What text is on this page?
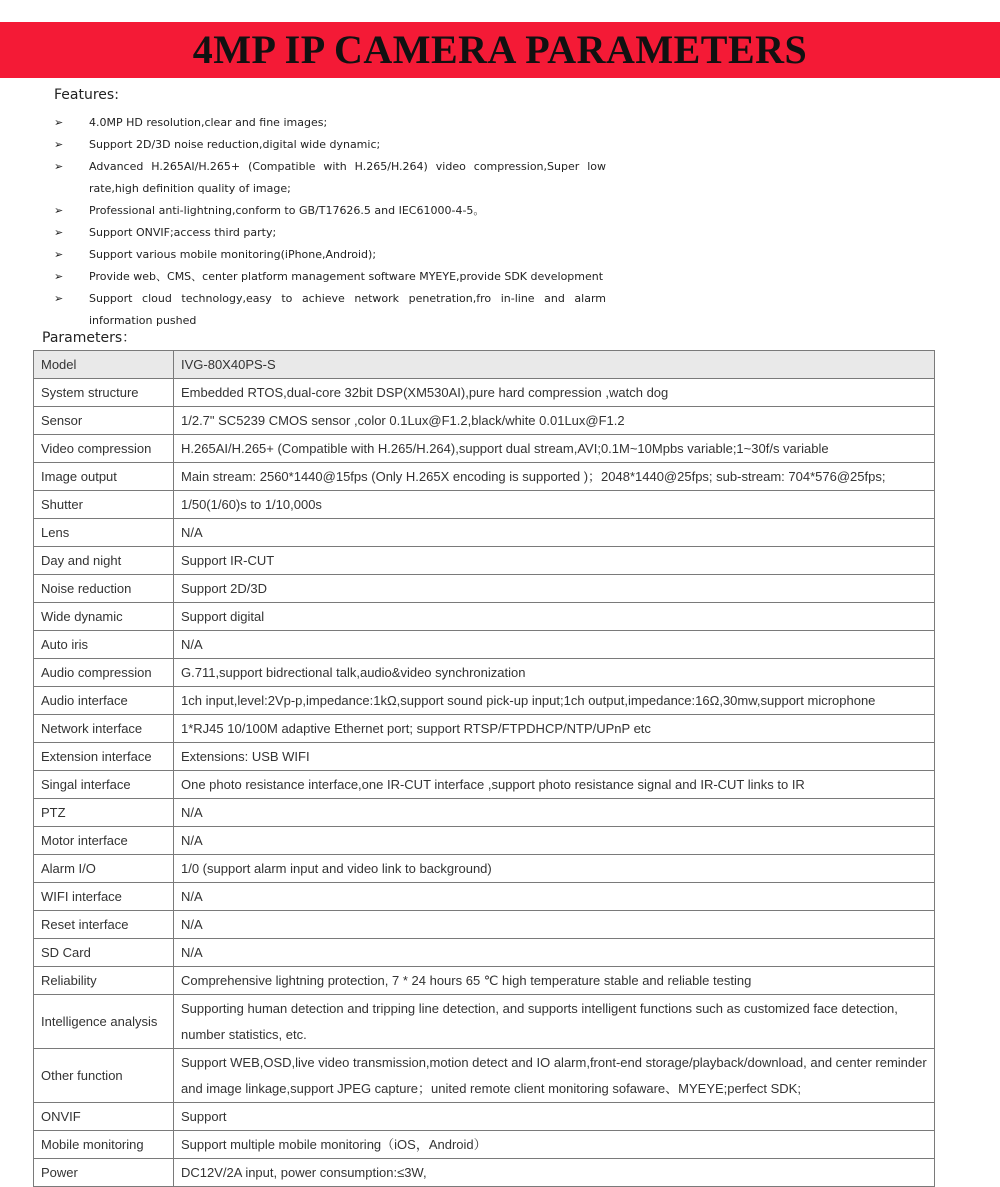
4MP IP CAMERA PARAMETERS
Features:
➢ 4.0MP HD resolution,clear and fine images;
➢ Support 2D/3D noise reduction,digital wide dynamic;
➢ Advanced H.265AI/H.265+ (Compatible with H.265/H.264) video compression,Super low rate,high definition quality of image;
➢ Professional anti-lightning,conform to GB/T17626.5 and IEC61000-4-5。
➢ Support ONVIF;access third party;
➢ Support various mobile monitoring(iPhone,Android);
➢ Provide web、CMS、center platform management software MYEYE,provide SDK development
➢ Support cloud technology,easy to achieve network penetration,fro in-line and alarm information pushed
Parameters：
Model	IVG-80X40PS-S
System structure	Embedded RTOS,dual-core 32bit DSP(XM530AI),pure hard compression ,watch dog
Sensor	1/2.7" SC5239 CMOS sensor ,color 0.1Lux@F1.2,black/white 0.01Lux@F1.2
Video compression	H.265AI/H.265+ (Compatible with H.265/H.264),support dual stream,AVI;0.1M~10Mpbs variable;1~30f/s variable
Image output	Main stream: 2560*1440@15fps (Only H.265X encoding is supported )；2048*1440@25fps; sub-stream: 704*576@25fps;
Shutter	1/50(1/60)s to 1/10,000s
Lens	N/A
Day and night	Support IR-CUT
Noise reduction	Support 2D/3D
Wide dynamic	Support digital
Auto iris	N/A
Audio compression	G.711,support bidrectional talk,audio&video synchronization
Audio interface	1ch input,level:2Vp-p,impedance:1kΩ,support sound pick-up input;1ch output,impedance:16Ω,30mw,support microphone
Network interface	1*RJ45 10/100M adaptive Ethernet port; support RTSP/FTPDHCP/NTP/UPnP etc
Extension interface	Extensions: USB WIFI
Singal interface	One photo resistance interface,one IR-CUT interface ,support photo resistance signal and IR-CUT links to IR
PTZ	N/A
Motor interface	N/A
Alarm I/O	1/0 (support alarm input and video link to background)
WIFI interface	N/A
Reset interface	N/A
SD Card	N/A
Reliability	Comprehensive lightning protection, 7 * 24 hours 65 ℃ high temperature stable and reliable testing
Intelligence analysis	Supporting human detection and tripping line detection, and supports intelligent functions such as customized face detection, number statistics, etc.
Other function	Support WEB,OSD,live video transmission,motion detect and IO alarm,front-end storage/playback/download, and center reminder and image linkage,support JPEG capture；united remote client monitoring sofaware、MYEYE;perfect SDK;
ONVIF	Support
Mobile monitoring	Support multiple mobile monitoring（iOS，Android）
Power	DC12V/2A input, power consumption:≤3W,
